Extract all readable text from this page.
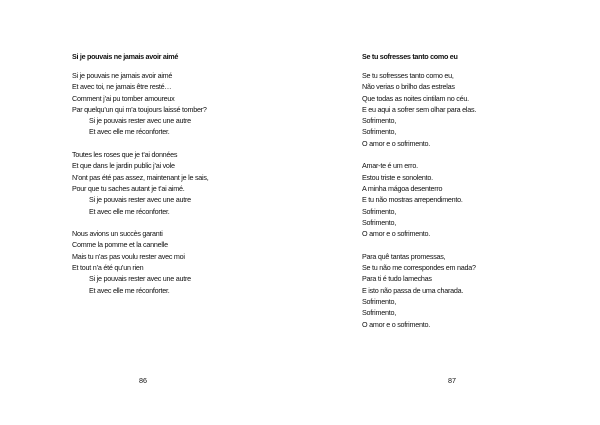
Si je pouvais ne jamais avoir aimé
Si je pouvais ne jamais avoir aimé
Et avec toi, ne jamais être resté…
Comment j’ai pu tomber amoureux
Par quelqu’un qui m’a toujours laissé tomber?
Si je pouvais rester avec une autre
Et avec elle me réconforter.
Toutes les roses que je t’ai données
Et que dans le jardin public j’ai vole
N’ont pas été pas assez, maintenant je le sais,
Pour que tu saches autant je t’ai aimé.
Si je pouvais rester avec une autre
Et avec elle me réconforter.
Nous avions un succès garanti
Comme la pomme et la cannelle
Mais tu n’as pas voulu rester avec moi
Et tout n’a été qu’un rien
Si je pouvais rester avec une autre
Et avec elle me réconforter.
86
Se tu sofresses tanto como eu
Se tu sofresses tanto como eu,
Não verias o brilho das estrelas
Que todas as noites cintilam no céu.
E eu aqui a sofrer sem olhar para elas.
Sofrimento,
Sofrimento,
O amor e o sofrimento.
Amar-te é um erro.
Estou triste e sonolento.
A minha mágoa desenterro
E tu não mostras arrependimento.
Sofrimento,
Sofrimento,
O amor e o sofrimento.
Para quê tantas promessas,
Se tu não me correspondes em nada?
Para ti é tudo lamechas
E isto não passa de uma charada.
Sofrimento,
Sofrimento,
O amor e o sofrimento.
87
